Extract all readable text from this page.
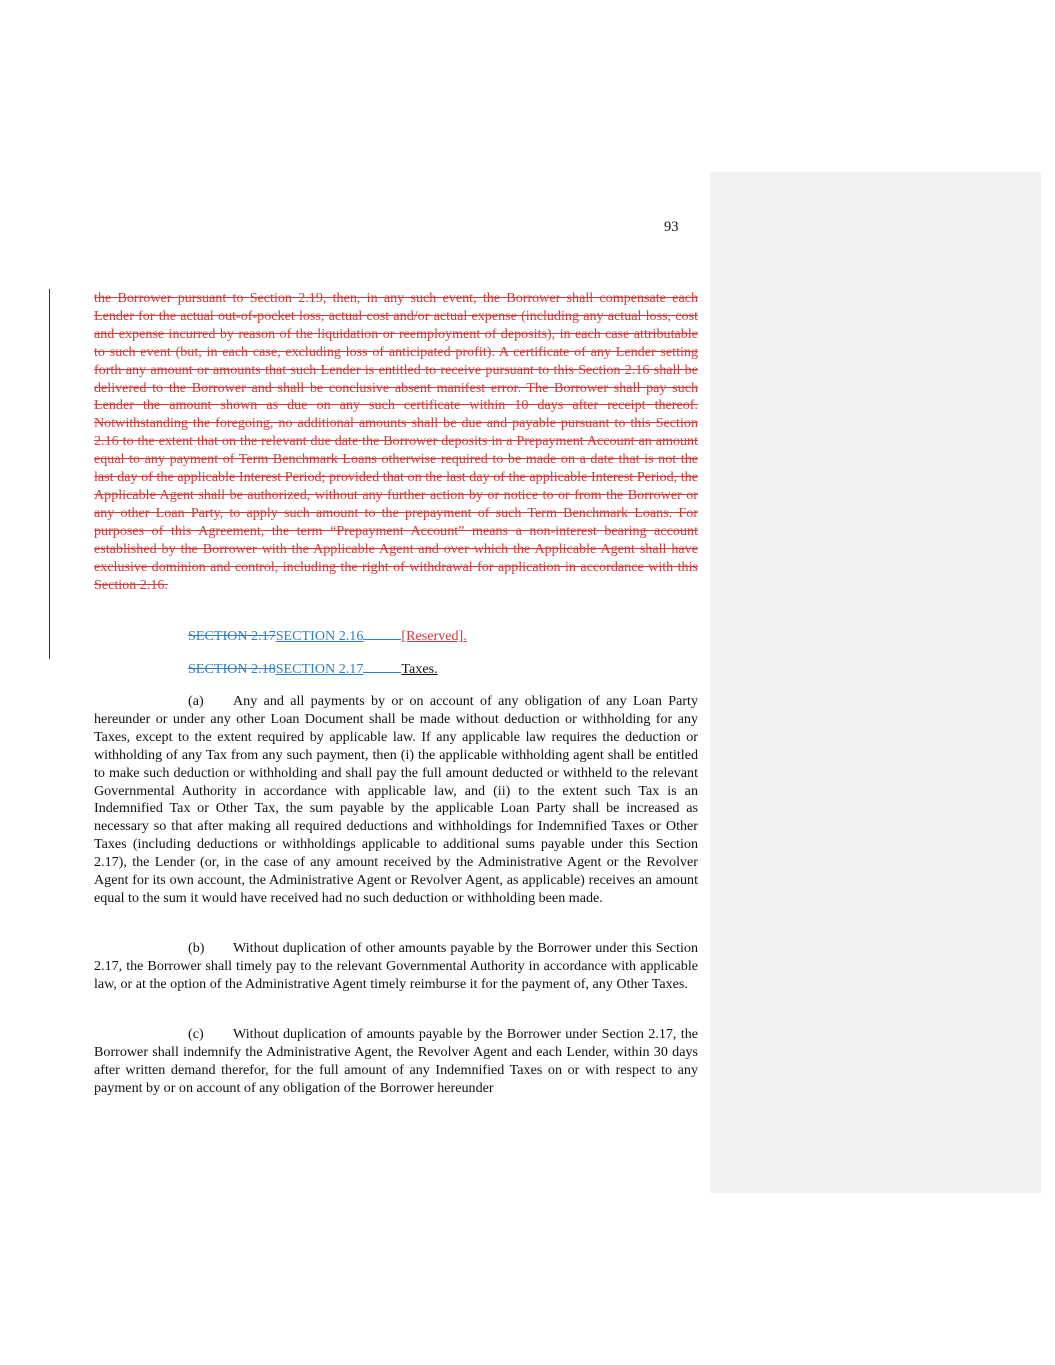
93

the Borrower pursuant to Section 2.19, then, in any such event, the Borrower shall compensate each Lender for the actual out-of-pocket loss, actual cost and/or actual expense (including any actual loss, cost and expense incurred by reason of the liquidation or reemployment of deposits), in each case attributable to such event (but, in each case, excluding loss of anticipated profit). A certificate of any Lender setting forth any amount or amounts that such Lender is entitled to receive pursuant to this Section 2.16 shall be delivered to the Borrower and shall be conclusive absent manifest error. The Borrower shall pay such Lender the amount shown as due on any such certificate within 10 days after receipt thereof. Notwithstanding the foregoing, no additional amounts shall be due and payable pursuant to this Section 2.16 to the extent that on the relevant due date the Borrower deposits in a Prepayment Account an amount equal to any payment of Term Benchmark Loans otherwise required to be made on a date that is not the last day of the applicable Interest Period; provided that on the last day of the applicable Interest Period, the Applicable Agent shall be authorized, without any further action by or notice to or from the Borrower or any other Loan Party, to apply such amount to the prepayment of such Term Benchmark Loans. For purposes of this Agreement, the term “Prepayment Account” means a non-interest bearing account established by the Borrower with the Applicable Agent and over which the Applicable Agent shall have exclusive dominion and control, including the right of withdrawal for application in accordance with this Section 2.16.

SECTION 2.17SECTION 2.16	[Reserved].
SECTION 2.18SECTION 2.17	Taxes.

(a) Any and all payments by or on account of any obligation of any Loan Party hereunder or under any other Loan Document shall be made without deduction or withholding for any Taxes, except to the extent required by applicable law. If any applicable law requires the deduction or withholding of any Tax from any such payment, then (i) the applicable withholding agent shall be entitled to make such deduction or withholding and shall pay the full amount deducted or withheld to the relevant Governmental Authority in accordance with applicable law, and (ii) to the extent such Tax is an Indemnified Tax or Other Tax, the sum payable by the applicable Loan Party shall be increased as necessary so that after making all required deductions and withholdings for Indemnified Taxes or Other Taxes (including deductions or withholdings applicable to additional sums payable under this Section 2.17), the Lender (or, in the case of any amount received by the Administrative Agent or the Revolver Agent for its own account, the Administrative Agent or Revolver Agent, as applicable) receives an amount equal to the sum it would have received had no such deduction or withholding been made.

(b) Without duplication of other amounts payable by the Borrower under this Section 2.17, the Borrower shall timely pay to the relevant Governmental Authority in accordance with applicable law, or at the option of the Administrative Agent timely reimburse it for the payment of, any Other Taxes.

(c) Without duplication of amounts payable by the Borrower under Section 2.17, the Borrower shall indemnify the Administrative Agent, the Revolver Agent and each Lender, within 30 days after written demand therefor, for the full amount of any Indemnified Taxes on or with respect to any payment by or on account of any obligation of the Borrower hereunder
